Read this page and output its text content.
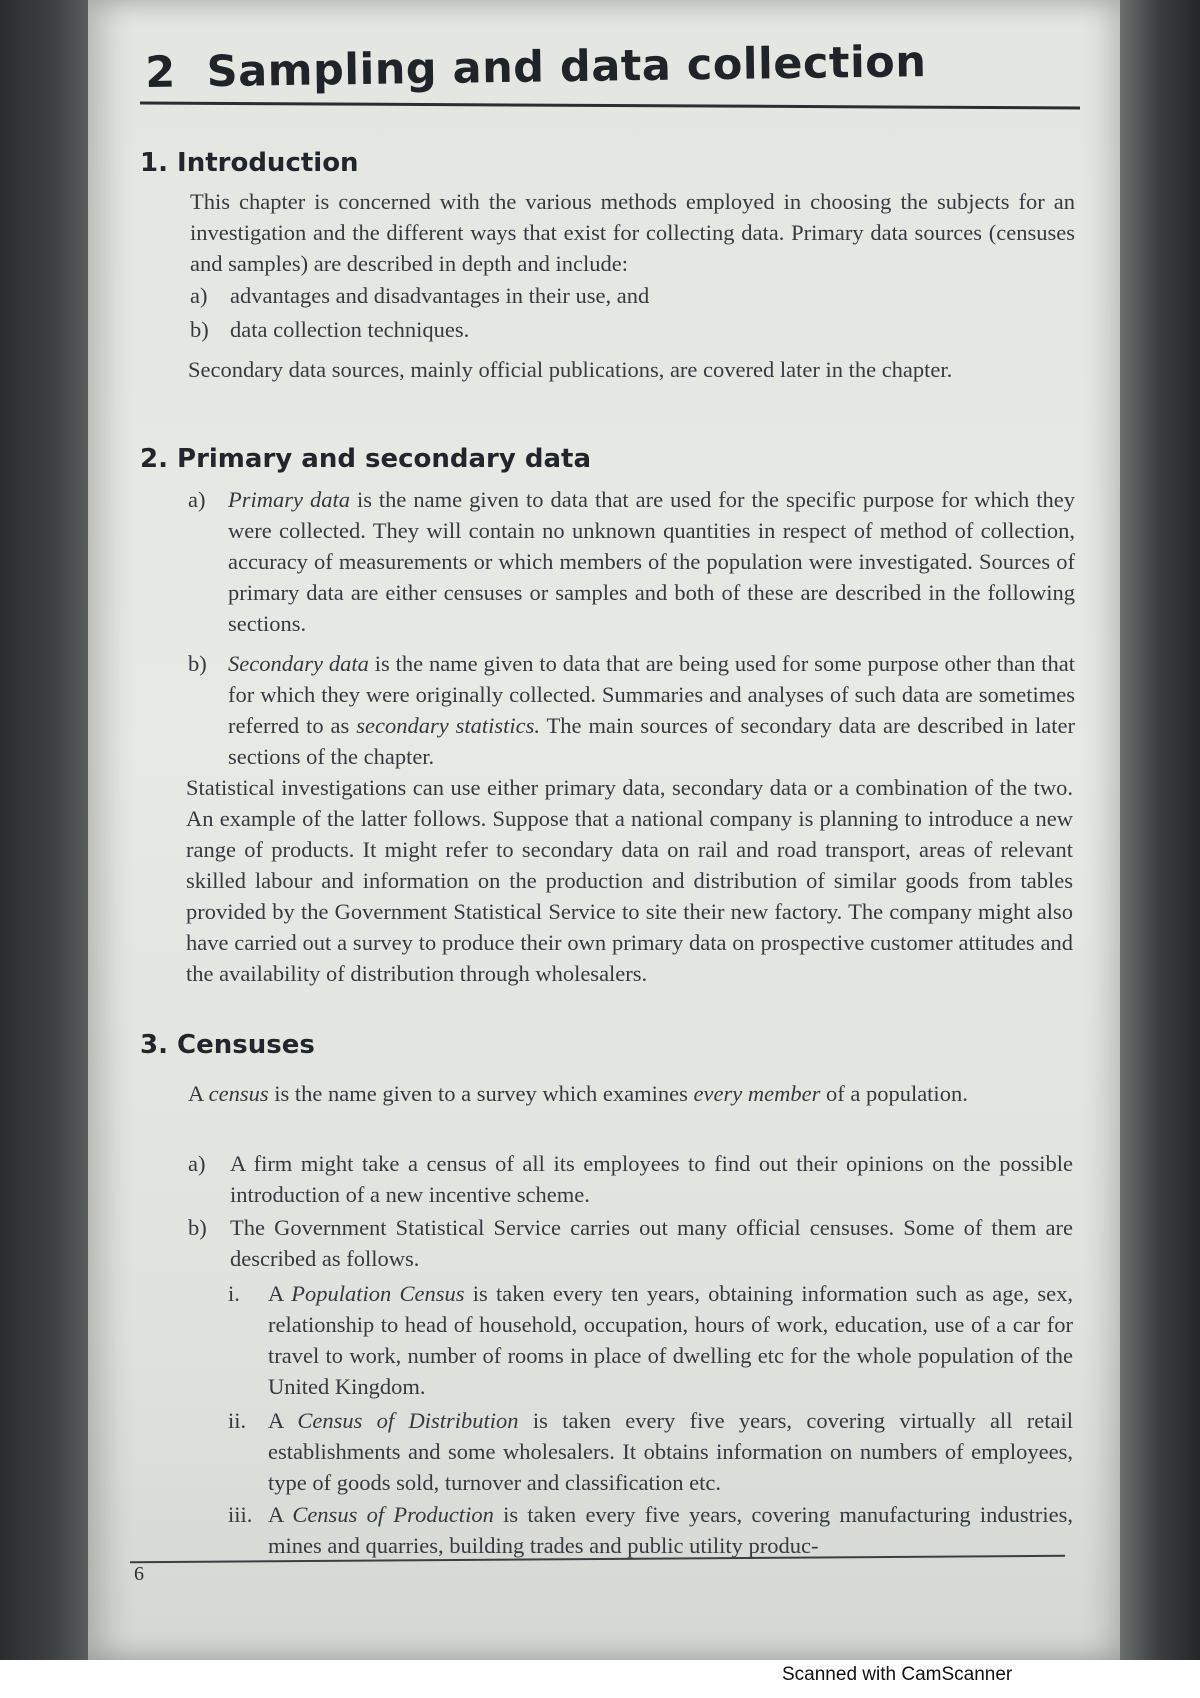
2 Sampling and data collection
1. Introduction
This chapter is concerned with the various methods employed in choosing the subjects for an investigation and the different ways that exist for collecting data. Primary data sources (censuses and samples) are described in depth and include:
a) advantages and disadvantages in their use, and
b) data collection techniques.
Secondary data sources, mainly official publications, are covered later in the chapter.
2. Primary and secondary data
a) Primary data is the name given to data that are used for the specific purpose for which they were collected. They will contain no unknown quantities in respect of method of collection, accuracy of measurements or which members of the population were investigated. Sources of primary data are either censuses or samples and both of these are described in the following sections.
b) Secondary data is the name given to data that are being used for some purpose other than that for which they were originally collected. Summaries and analyses of such data are sometimes referred to as secondary statistics. The main sources of secondary data are described in later sections of the chapter.
Statistical investigations can use either primary data, secondary data or a combination of the two. An example of the latter follows. Suppose that a national company is planning to introduce a new range of products. It might refer to secondary data on rail and road transport, areas of relevant skilled labour and information on the production and distribution of similar goods from tables provided by the Government Statistical Service to site their new factory. The company might also have carried out a survey to produce their own primary data on prospective customer attitudes and the availability of distribution through wholesalers.
3. Censuses
A census is the name given to a survey which examines every member of a population.
a) A firm might take a census of all its employees to find out their opinions on the possible introduction of a new incentive scheme.
b) The Government Statistical Service carries out many official censuses. Some of them are described as follows.
i. A Population Census is taken every ten years, obtaining information such as age, sex, relationship to head of household, occupation, hours of work, education, use of a car for travel to work, number of rooms in place of dwelling etc for the whole population of the United Kingdom.
ii. A Census of Distribution is taken every five years, covering virtually all retail establishments and some wholesalers. It obtains information on numbers of employees, type of goods sold, turnover and classification etc.
iii. A Census of Production is taken every five years, covering manufacturing industries, mines and quarries, building trades and public utility produc-
6
Scanned with CamScanner
